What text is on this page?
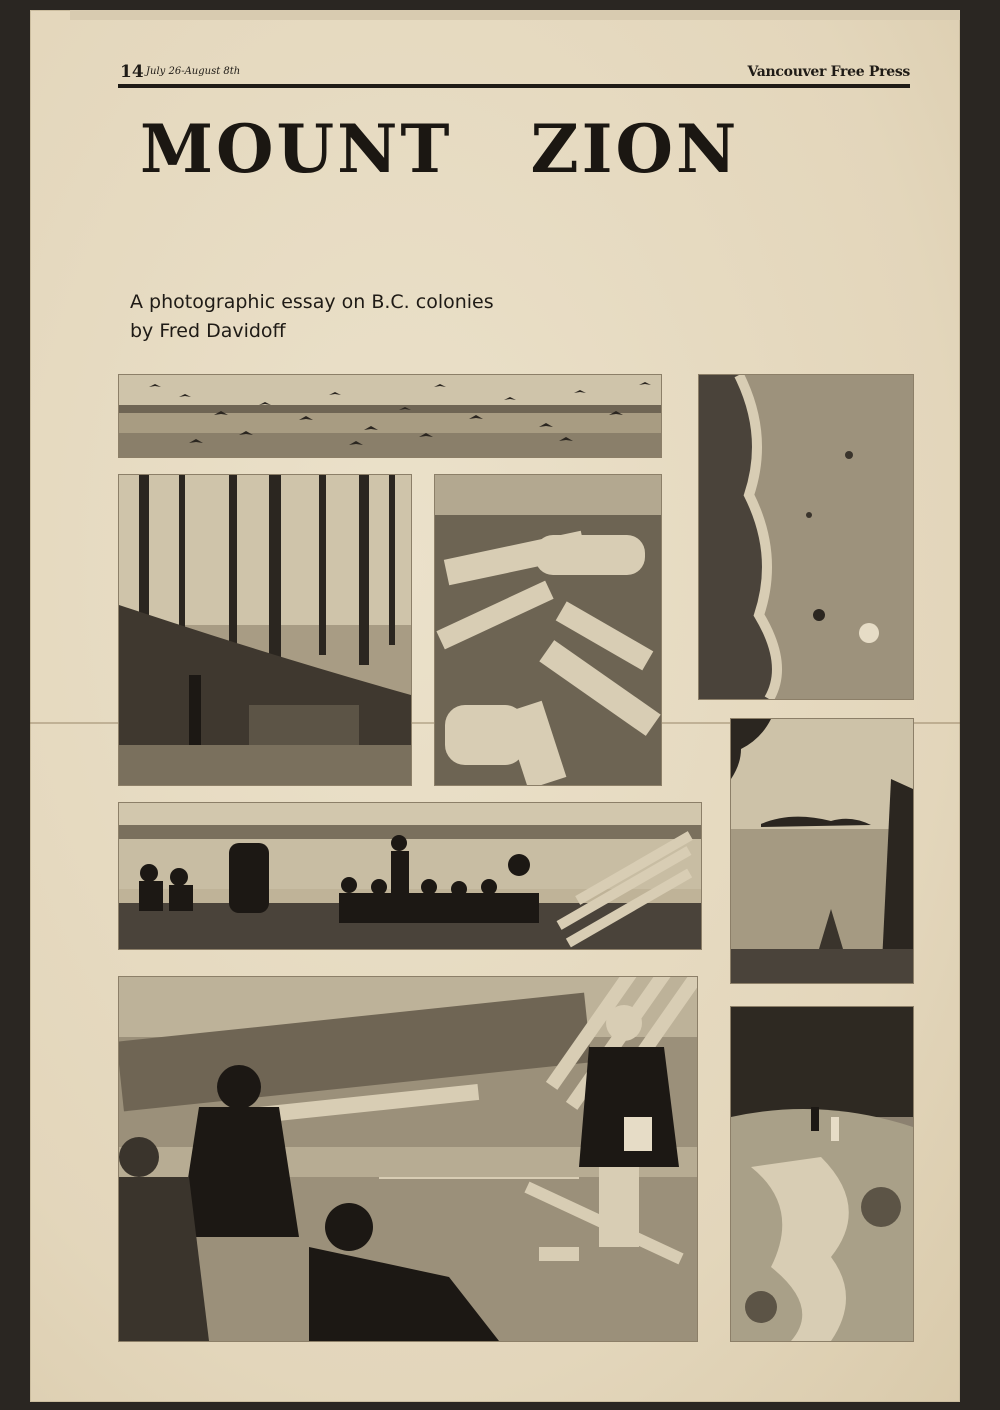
14 July 26-August 8th	Vancouver Free Press
MOUNT   ZION
A photographic essay on B.C. colonies
by Fred Davidoff
